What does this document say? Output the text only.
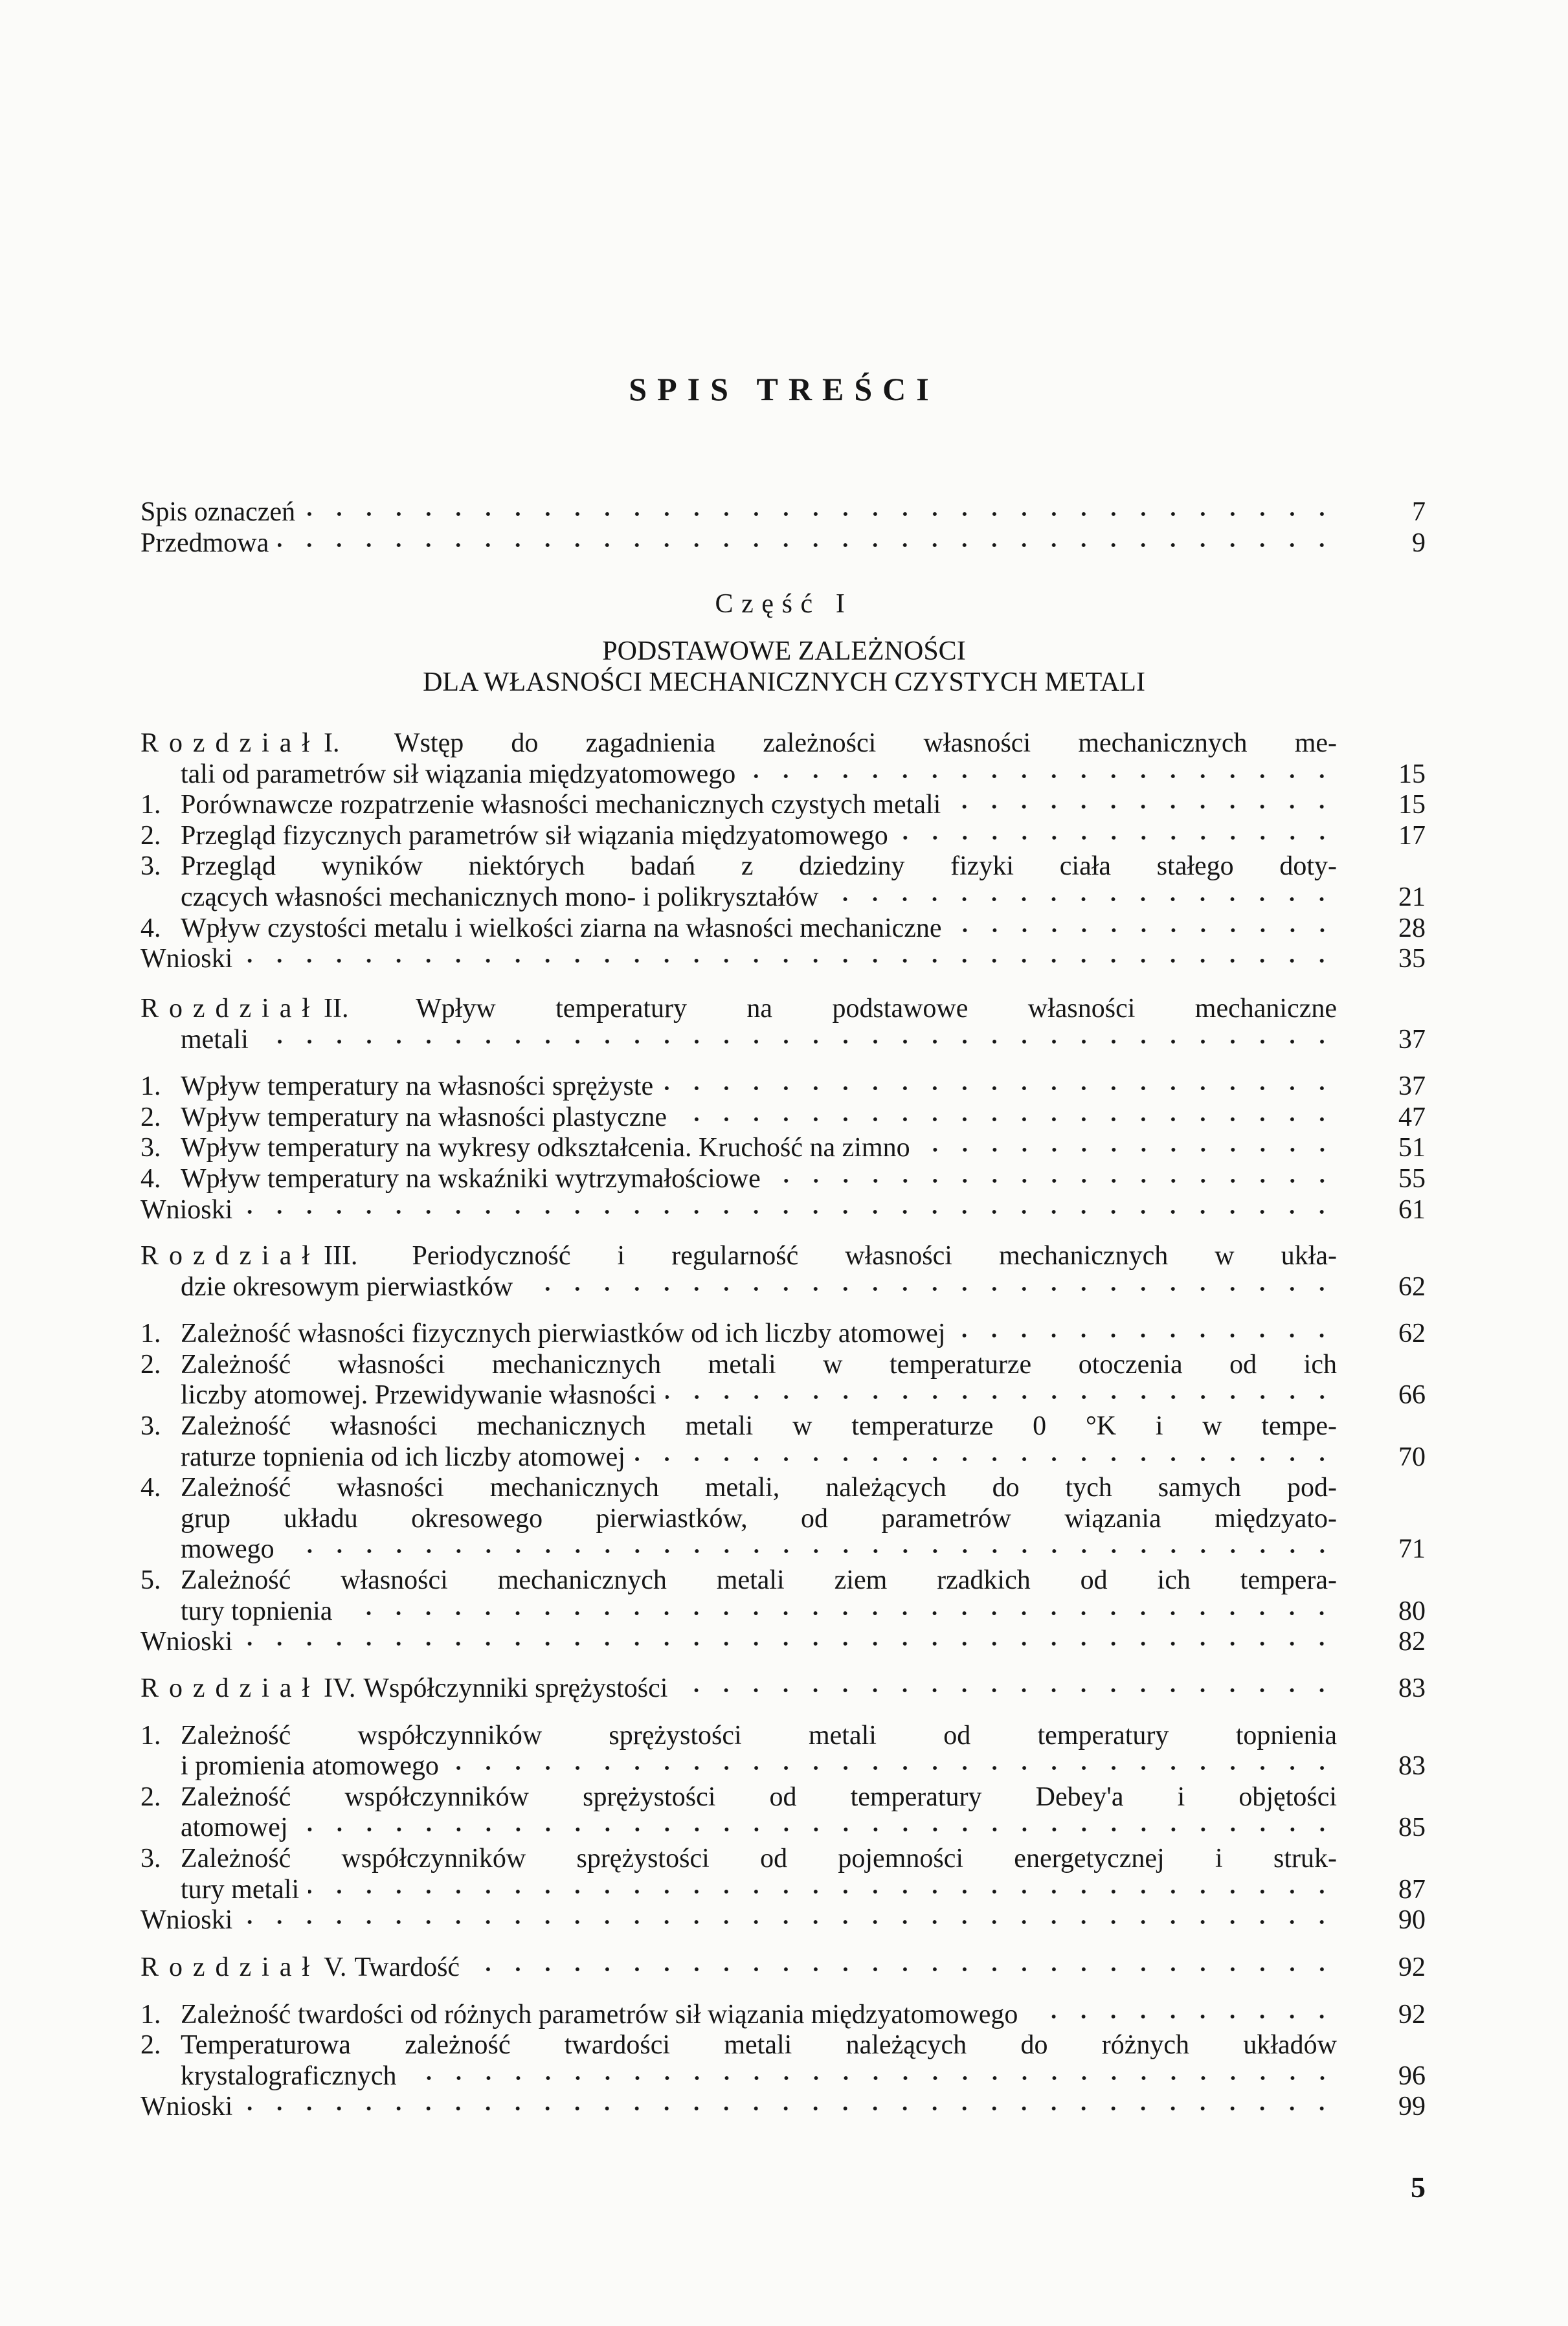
SPIS TREŚCI
Spis oznaczeń	7
Przedmowa	9
Część I
PODSTAWOWE ZALEŻNOŚCI
DLA WŁASNOŚCI MECHANICZNYCH CZYSTYCH METALI
Rozdział I. Wstęp do zagadnienia zależności własności mechanicznych me-
tali od parametrów sił wiązania międzyatomowego	15
1. Porównawcze rozpatrzenie własności mechanicznych czystych metali	15
2. Przegląd fizycznych parametrów sił wiązania międzyatomowego	17
3. Przegląd wyników niektórych badań z dziedziny fizyki ciała stałego doty-
czących własności mechanicznych mono- i polikryształów	21
4. Wpływ czystości metalu i wielkości ziarna na własności mechaniczne	28
Wnioski	35
Rozdział II. Wpływ temperatury na podstawowe własności mechaniczne
metali	37
1. Wpływ temperatury na własności sprężyste	37
2. Wpływ temperatury na własności plastyczne	47
3. Wpływ temperatury na wykresy odkształcenia. Kruchość na zimno	51
4. Wpływ temperatury na wskaźniki wytrzymałościowe	55
Wnioski	61
Rozdział III. Periodyczność i regularność własności mechanicznych w ukła-
dzie okresowym pierwiastków	62
1. Zależność własności fizycznych pierwiastków od ich liczby atomowej	62
2. Zależność własności mechanicznych metali w temperaturze otoczenia od ich
liczby atomowej. Przewidywanie własności	66
3. Zależność własności mechanicznych metali w temperaturze 0 °K i w tempe-
raturze topnienia od ich liczby atomowej	70
4. Zależność własności mechanicznych metali, należących do tych samych pod-
grup układu okresowego pierwiastków, od parametrów wiązania międzyato-
mowego	71
5. Zależność własności mechanicznych metali ziem rzadkich od ich tempera-
tury topnienia	80
Wnioski	82
Rozdział IV. Współczynniki sprężystości	83
1. Zależność współczynników sprężystości metali od temperatury topnienia
i promienia atomowego	83
2. Zależność współczynników sprężystości od temperatury Debey'a i objętości
atomowej	85
3. Zależność współczynników sprężystości od pojemności energetycznej i struk-
tury metali	87
Wnioski	90
Rozdział V. Twardość	92
1. Zależność twardości od różnych parametrów sił wiązania międzyatomowego	92
2. Temperaturowa zależność twardości metali należących do różnych układów
krystalograficznych	96
Wnioski	99
5
